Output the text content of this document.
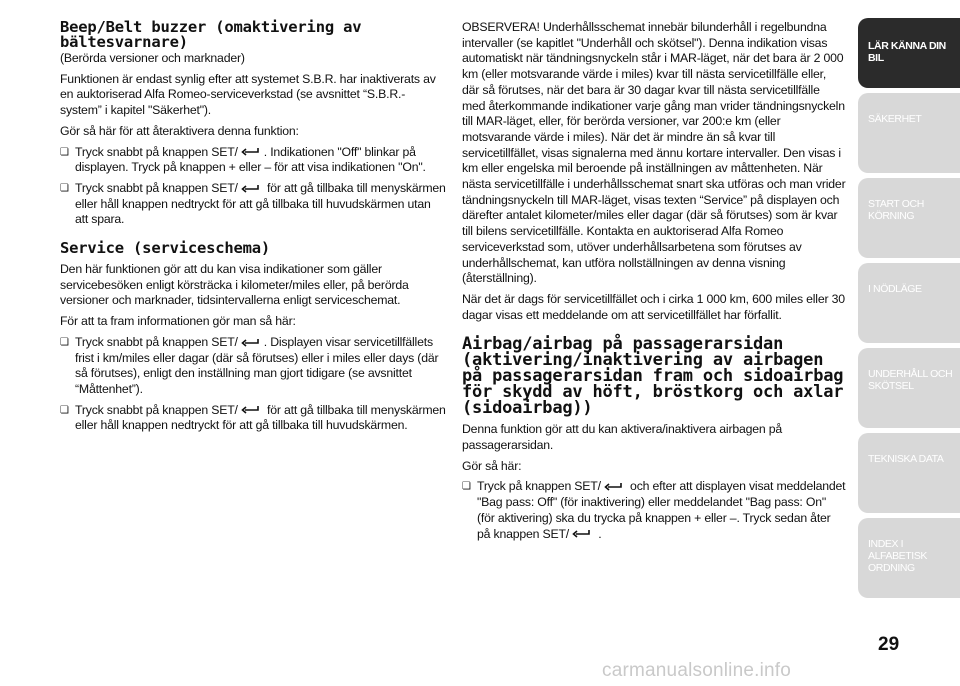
Beep/Belt buzzer (omaktivering av bältesvarnare)

(Berörda versioner och marknader)

Funktionen är endast synlig efter att systemet S.B.R. har inaktiverats av en auktoriserad Alfa Romeo-serviceverkstad (se avsnittet “S.B.R.-system” i kapitel "Säkerhet").

Gör så här för att återaktivera denna funktion:

❏ Tryck snabbt på knappen SET/ . Indikationen "Off" blinkar på displayen. Tryck på knappen + eller – för att visa indikationen "On".
❏ Tryck snabbt på knappen SET/
för att gå tillbaka till menyskärmen eller håll knappen nedtryckt för att gå tillbaka till huvudskärmen utan att spara.
Service (serviceschema)

Den här funktionen gör att du kan visa indikationer som gäller servicebesöken enligt körsträcka i kilometer/miles eller, på berörda versioner och marknader, tidsintervallerna enligt serviceschemat.

För att ta fram informationen gör man så här:

❏ Tryck snabbt på knappen SET/ . Displayen visar servicetillfällets frist i km/miles eller dagar (där så förutses) eller i miles eller days (där så förutses), enligt den inställning man gjort tidigare (se avsnittet “Måttenhet”).
❏ Tryck snabbt på knappen SET/
för att gå tillbaka till menyskärmen eller håll knappen nedtryckt för att gå tillbaka till huvudskärmen.

OBSERVERA! Underhållsschemat innebär bilunderhåll i regelbundna intervaller (se kapitlet "Underhåll och skötsel"). Denna indikation visas automatiskt när tändningsnyckeln står i MAR-läget, när det bara är 2 000 km (eller motsvarande värde i miles) kvar till nästa servicetillfälle eller, där så förutses, när det bara är 30 dagar kvar till nästa servicetillfälle med återkommande indikationer varje gång man vrider tändningsnyckeln till MAR-läget, eller, för berörda versioner, var 200:e km (eller motsvarande värde i miles). När det är mindre än så kvar till servicetillfället, visas signalerna med ännu kortare intervaller. Den visas i km eller engelska mil beroende på inställningen av måttenheten. När nästa servicetillfälle i underhållsschemat snart ska utföras och man vrider tändningsnyckeln till MAR-läget, visas texten “Service” på displayen och därefter antalet kilometer/miles eller dagar (där så förutses) som är kvar till bilens servicetillfälle. Kontakta en auktoriserad Alfa Romeo serviceverkstad som, utöver underhållsarbetena som förutses av underhållschemat, kan utföra nollställningen av denna visning (återställning).

När det är dags för servicetillfället och i cirka 1 000 km, 600 miles eller 30 dagar visas ett meddelande om att servicetillfället har förfallit.

Airbag/airbag på passagerarsidan (aktivering/inaktivering av airbagen på passagerarsidan fram och sidoairbag för skydd av höft, bröstkorg och axlar (sidoairbag))

Denna funktion gör att du kan aktivera/inaktivera airbagen på passagerarsidan.

Gör så här:

❏ Tryck på knappen SET/
och efter att displayen visat meddelandet "Bag pass: Off" (för inaktivering) eller meddelandet "Bag pass: On" (för aktivering) ska du trycka på knappen + eller –. Tryck sedan åter på knappen SET/
.
LÄR KÄNNA DIN BIL
SÄKERHET
START OCH KÖRNING
I NÖDLÄGE
UNDERHÅLL OCH SKÖTSEL
TEKNISKA DATA
INDEX I ALFABETISK ORDNING
29
carmanualsonline.info
